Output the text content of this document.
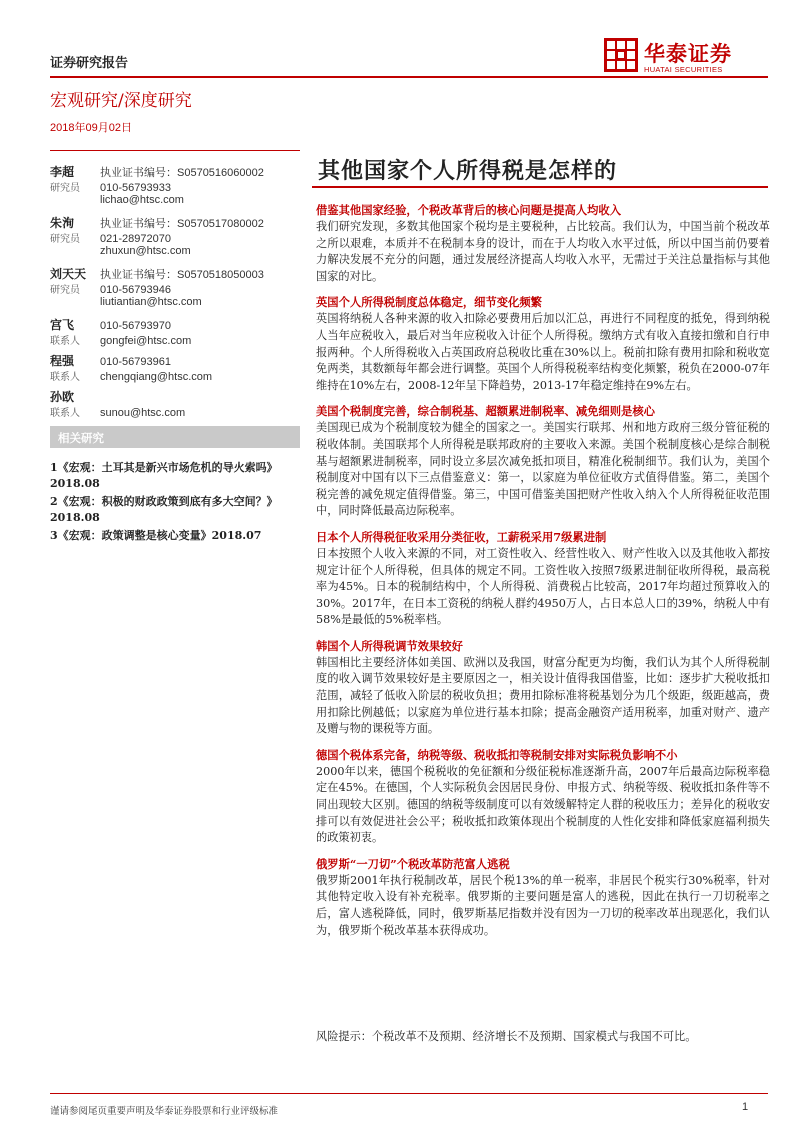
证券研究报告	华泰证券
HUATAI SECURITIES
宏观研究/深度研究
2018年09月02日
其他国家个人所得税是怎样的
李超	执业证书编号：S0570516060002
研究员	010-56793933
lichao@htsc.com
朱洵	执业证书编号：S0570517080002
研究员	021-28972070
zhuxun@htsc.com
刘天天	执业证书编号：S0570518050003
研究员	010-56793946
liutiantian@htsc.com
宫飞	010-56793970
联系人	gongfei@htsc.com
程强	010-56793961
联系人	chengqiang@htsc.com
孙欧
联系人	sunou@htsc.com
相关研究
1《宏观：土耳其是新兴市场危机的导火索吗》2018.08
2《宏观：积极的财政政策到底有多大空间？》2018.08
3《宏观：政策调整是核心变量》2018.07
借鉴其他国家经验，个税改革背后的核心问题是提高人均收入
我们研究发现，多数其他国家个税均是主要税种，占比较高。我们认为，中国当前个税改革之所以艰难，本质并不在税制本身的设计，而在于人均收入水平过低，所以中国当前仍要着力解决发展不充分的问题，通过发展经济提高人均收入水平，无需过于关注总量指标与其他国家的对比。
英国个人所得税制度总体稳定，细节变化频繁
英国将纳税人各种来源的收入扣除必要费用后加以汇总，再进行不同程度的抵免，得到纳税人当年应税收入，最后对当年应税收入计征个人所得税。缴纳方式有收入直接扣缴和自行申报两种。个人所得税收入占英国政府总税收比重在30%以上。税前扣除有费用扣除和税收宽免两类，其数额每年都会进行调整。英国个人所得税税率结构变化频繁，税负在2000-07年维持在10%左右，2008-12年呈下降趋势，2013-17年稳定维持在9%左右。
美国个税制度完善，综合制税基、超额累进制税率、减免细则是核心
美国现已成为个税制度较为健全的国家之一。美国实行联邦、州和地方政府三级分管征税的税收体制。美国联邦个人所得税是联邦政府的主要收入来源。美国个税制度核心是综合制税基与超额累进制税率，同时设立多层次减免抵扣项目，精准化税制细节。我们认为，美国个税制度对中国有以下三点借鉴意义：第一，以家庭为单位征收方式值得借鉴。第二，美国个税完善的减免规定值得借鉴。第三，中国可借鉴美国把财产性收入纳入个人所得税征收范围中，同时降低最高边际税率。
日本个人所得税征收采用分类征收，工薪税采用7级累进制
日本按照个人收入来源的不同，对工资性收入、经营性收入、财产性收入以及其他收入都按规定计征个人所得税，但具体的规定不同。工资性收入按照7级累进制征收所得税，最高税率为45%。日本的税制结构中，个人所得税、消费税占比较高，2017年均超过预算收入的30%。2017年，在日本工资税的纳税人群约4950万人，占日本总人口的39%，纳税人中有58%是最低的5%税率档。
韩国个人所得税调节效果较好
韩国相比主要经济体如美国、欧洲以及我国，财富分配更为均衡，我们认为其个人所得税制度的收入调节效果较好是主要原因之一，相关设计值得我国借鉴，比如：逐步扩大税收抵扣范围，减轻了低收入阶层的税收负担；费用扣除标准将税基划分为几个级距，级距越高，费用扣除比例越低；以家庭为单位进行基本扣除；提高金融资产适用税率，加重对财产、遗产及赠与物的课税等方面。
德国个税体系完备，纳税等级、税收抵扣等税制安排对实际税负影响不小
2000年以来，德国个税税收的免征额和分级征税标准逐渐升高，2007年后最高边际税率稳定在45%。在德国，个人实际税负会因居民身份、申报方式、纳税等级、税收抵扣条件等不同出现较大区别。德国的纳税等级制度可以有效缓解特定人群的税收压力；差异化的税收安排可以有效促进社会公平；税收抵扣政策体现出个税制度的人性化安排和降低家庭福利损失的政策初衷。
俄罗斯“一刀切”个税改革防范富人逃税
俄罗斯2001年执行税制改革，居民个税13%的单一税率，非居民个税实行30%税率，针对其他特定收入设有补充税率。俄罗斯的主要问题是富人的逃税，因此在执行一刀切税率之后，富人逃税降低，同时，俄罗斯基尼指数并没有因为一刀切的税率改革出现恶化，我们认为，俄罗斯个税改革基本获得成功。
风险提示：个税改革不及预期、经济增长不及预期、国家模式与我国不可比。
谨请参阅尾页重要声明及华泰证券股票和行业评级标准	1
